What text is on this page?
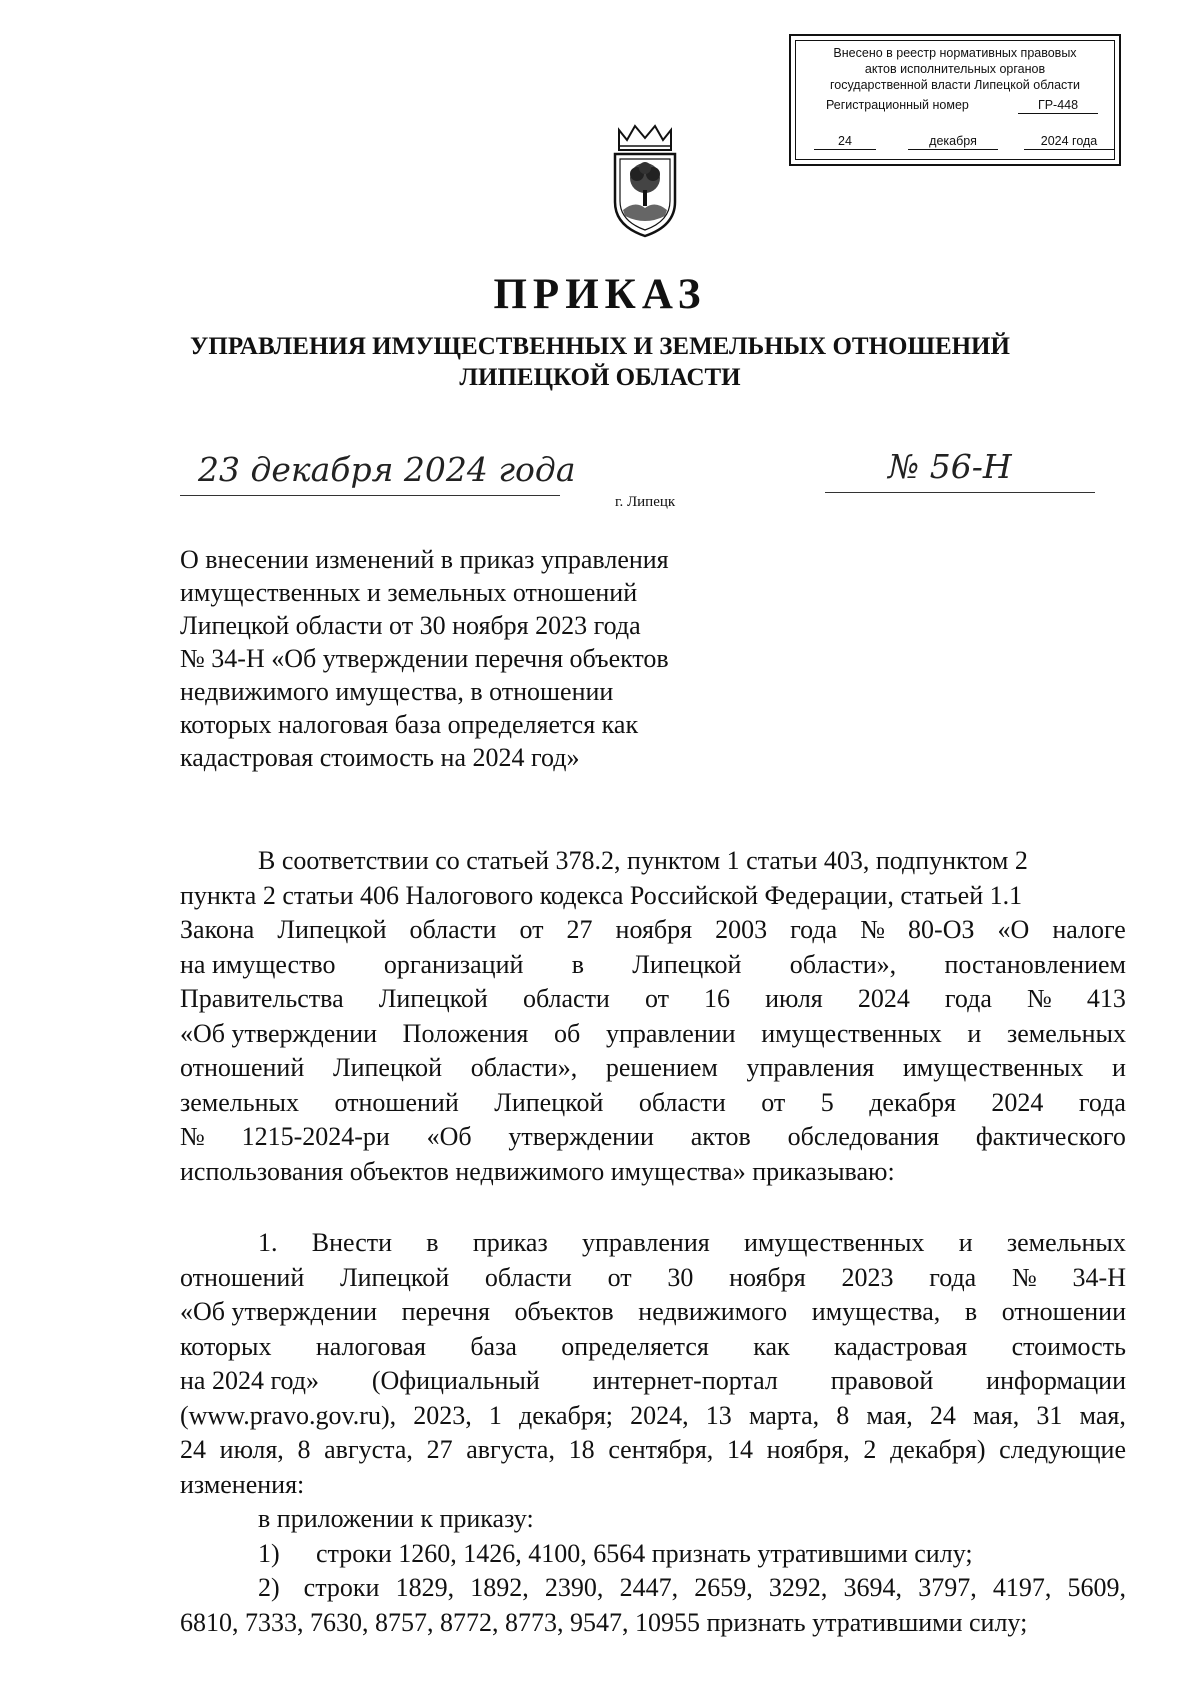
Внесено в реестр нормативных правовых
актов исполнительных органов
государственной власти Липецкой области
Регистрационный номер	ГР-448
24	декабря	2024 года
ПРИКАЗ
УПРАВЛЕНИЯ ИМУЩЕСТВЕННЫХ И ЗЕМЕЛЬНЫХ ОТНОШЕНИЙ
ЛИПЕЦКОЙ ОБЛАСТИ
23 декабря 2024 года	№ 56-Н
г. Липецк
О внесении изменений в приказ управления
имущественных и земельных отношений
Липецкой области от 30 ноября 2023 года
№ 34-Н «Об утверждении перечня объектов
недвижимого имущества, в отношении
которых налоговая база определяется как
кадастровая стоимость на 2024 год»
В соответствии со статьей 378.2, пунктом 1 статьи 403, подпунктом 2
пункта 2 статьи 406 Налогового кодекса Российской Федерации, статьей 1.1
Закона Липецкой области от 27 ноября 2003 года № 80-ОЗ «О налоге
на имущество организаций в Липецкой области», постановлением
Правительства Липецкой области от 16 июля 2024 года № 413
«Об утверждении Положения об управлении имущественных и земельных
отношений Липецкой области», решением управления имущественных и
земельных отношений Липецкой области от 5 декабря 2024 года
№ 1215-2024-ри «Об утверждении актов обследования фактического
использования объектов недвижимого имущества» приказываю:
1. Внести в приказ управления имущественных и земельных
отношений Липецкой области от 30 ноября 2023 года № 34-Н
«Об утверждении перечня объектов недвижимого имущества, в отношении
которых налоговая база определяется как кадастровая стоимость
на 2024 год» (Официальный интернет-портал правовой информации
(www.pravo.gov.ru), 2023, 1 декабря; 2024, 13 марта, 8 мая, 24 мая, 31 мая,
24 июля, 8 августа, 27 августа, 18 сентября, 14 ноября, 2 декабря) следующие
изменения:
в приложении к приказу:
1) строки 1260, 1426, 4100, 6564 признать утратившими силу;
2) строки 1829, 1892, 2390, 2447, 2659, 3292, 3694, 3797, 4197, 5609,
6810, 7333, 7630, 8757, 8772, 8773, 9547, 10955 признать утратившими силу;
